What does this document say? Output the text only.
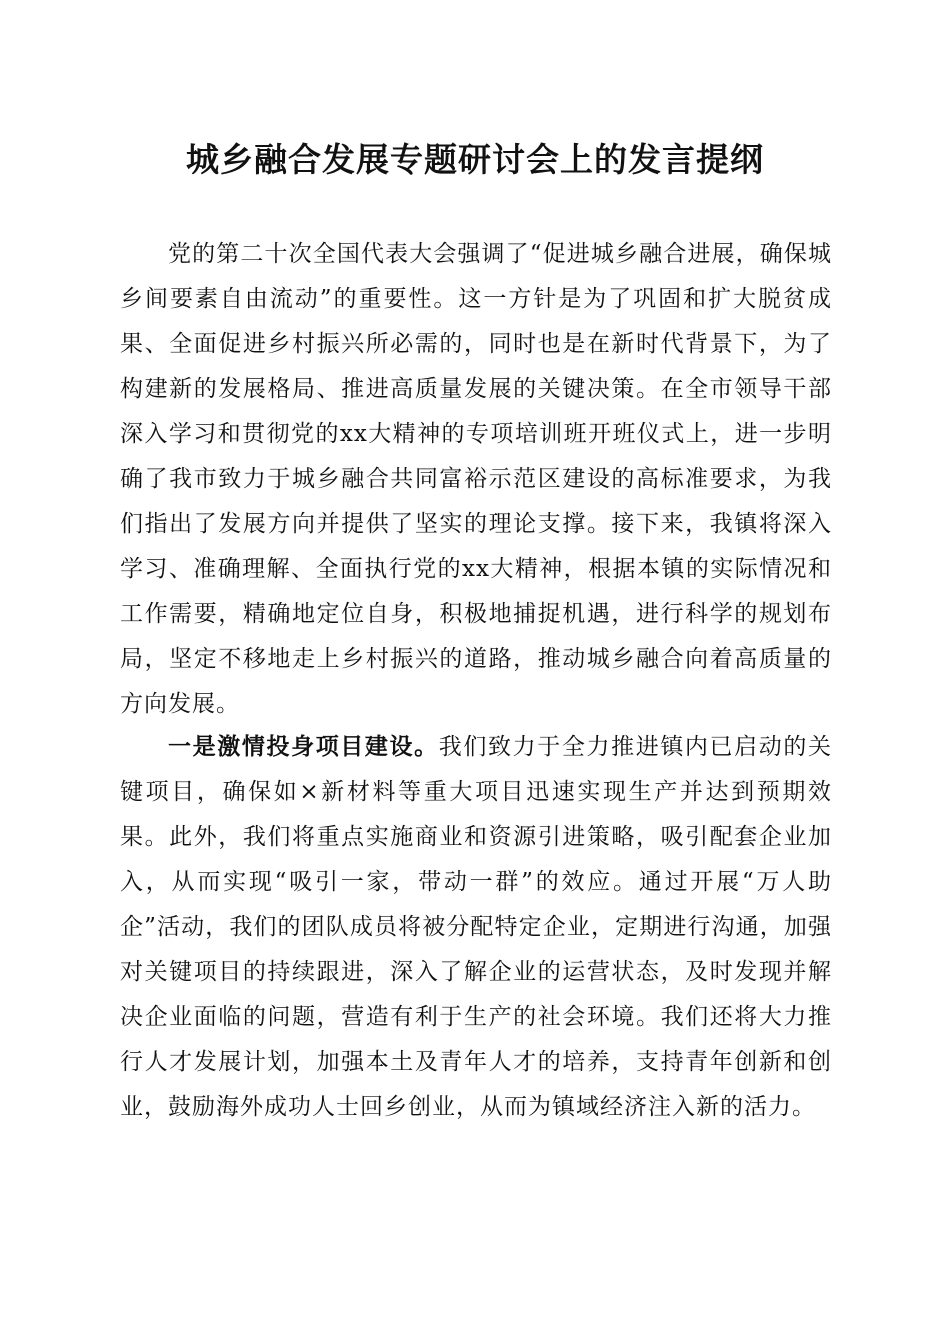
城乡融合发展专题研讨会上的发言提纲

党的第二十次全国代表大会强调了“促进城乡融合进展，确保城乡间要素自由流动”的重要性。这一方针是为了巩固和扩大脱贫成果、全面促进乡村振兴所必需的，同时也是在新时代背景下，为了构建新的发展格局、推进高质量发展的关键决策。在全市领导干部深入学习和贯彻党的xx大精神的专项培训班开班仪式上，进一步明确了我市致力于城乡融合共同富裕示范区建设的高标准要求，为我们指出了发展方向并提供了坚实的理论支撑。接下来，我镇将深入学习、准确理解、全面执行党的xx大精神，根据本镇的实际情况和工作需要，精确地定位自身，积极地捕捉机遇，进行科学的规划布局，坚定不移地走上乡村振兴的道路，推动城乡融合向着高质量的方向发展。

一是激情投身项目建设。我们致力于全力推进镇内已启动的关键项目，确保如×新材料等重大项目迅速实现生产并达到预期效果。此外，我们将重点实施商业和资源引进策略，吸引配套企业加入，从而实现“吸引一家，带动一群”的效应。通过开展“万人助企”活动，我们的团队成员将被分配特定企业，定期进行沟通，加强对关键项目的持续跟进，深入了解企业的运营状态，及时发现并解决企业面临的问题，营造有利于生产的社会环境。我们还将大力推行人才发展计划，加强本土及青年人才的培养，支持青年创新和创业，鼓励海外成功人士回乡创业，从而为镇域经济注入新的活力。
